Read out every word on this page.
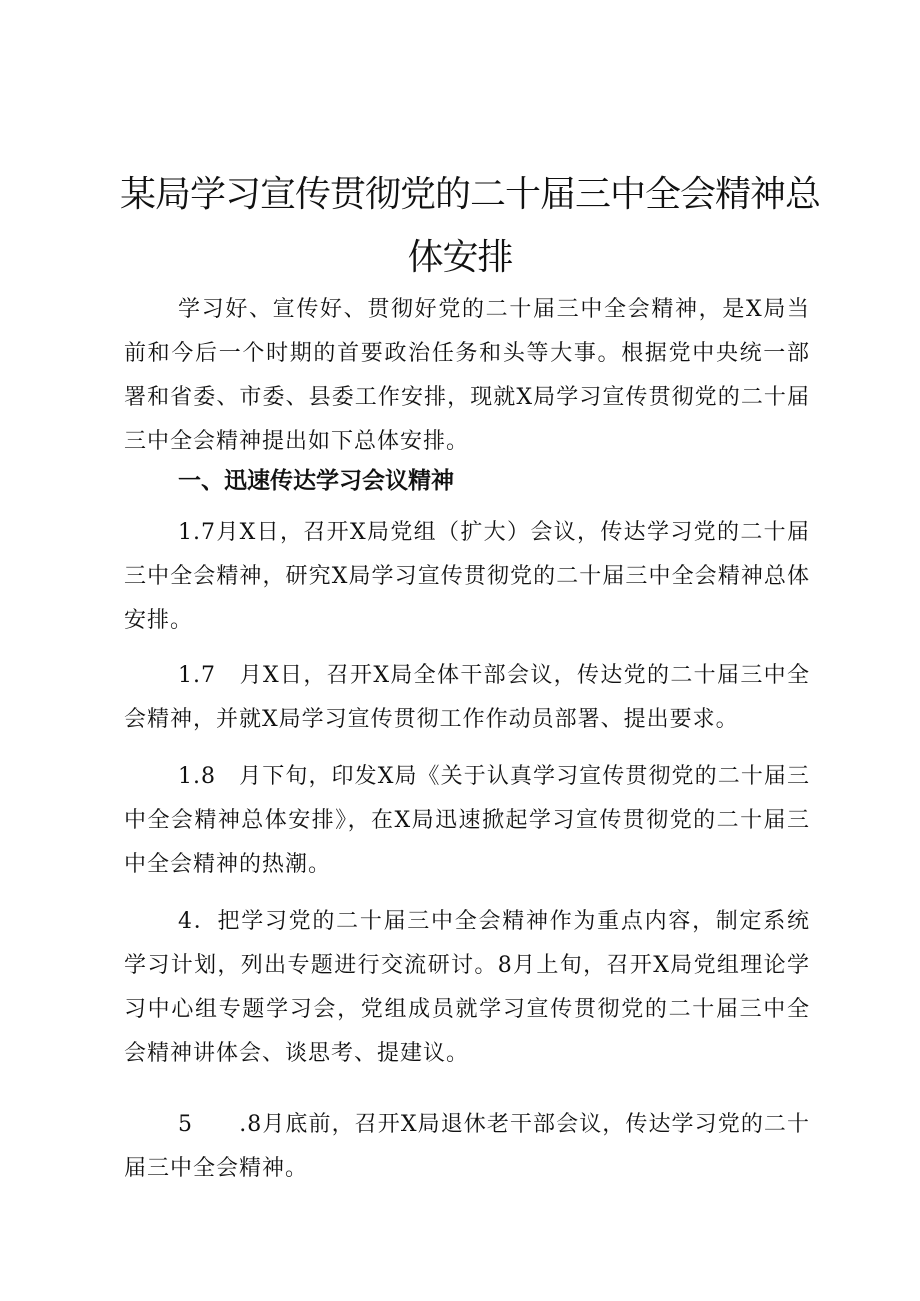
某局学习宣传贯彻党的二十届三中全会精神总
体安排

学习好、宣传好、贯彻好党的二十届三中全会精神，是X局当前和今后一个时期的首要政治任务和头等大事。根据党中央统一部署和省委、市委、县委工作安排，现就X局学习宣传贯彻党的二十届三中全会精神提出如下总体安排。

一、迅速传达学习会议精神

1.7月X日，召开X局党组（扩大）会议，传达学习党的二十届三中全会精神，研究X局学习宣传贯彻党的二十届三中全会精神总体安排。

1.7　月X日，召开X局全体干部会议，传达党的二十届三中全会精神，并就X局学习宣传贯彻工作作动员部署、提出要求。

1.8　月下旬，印发X局《关于认真学习宣传贯彻党的二十届三中全会精神总体安排》，在X局迅速掀起学习宣传贯彻党的二十届三中全会精神的热潮。

4．把学习党的二十届三中全会精神作为重点内容，制定系统学习计划，列出专题进行交流研讨。8月上旬，召开X局党组理论学习中心组专题学习会，党组成员就学习宣传贯彻党的二十届三中全会精神讲体会、谈思考、提建议。

5　　.8月底前，召开X局退休老干部会议，传达学习党的二十届三中全会精神。
